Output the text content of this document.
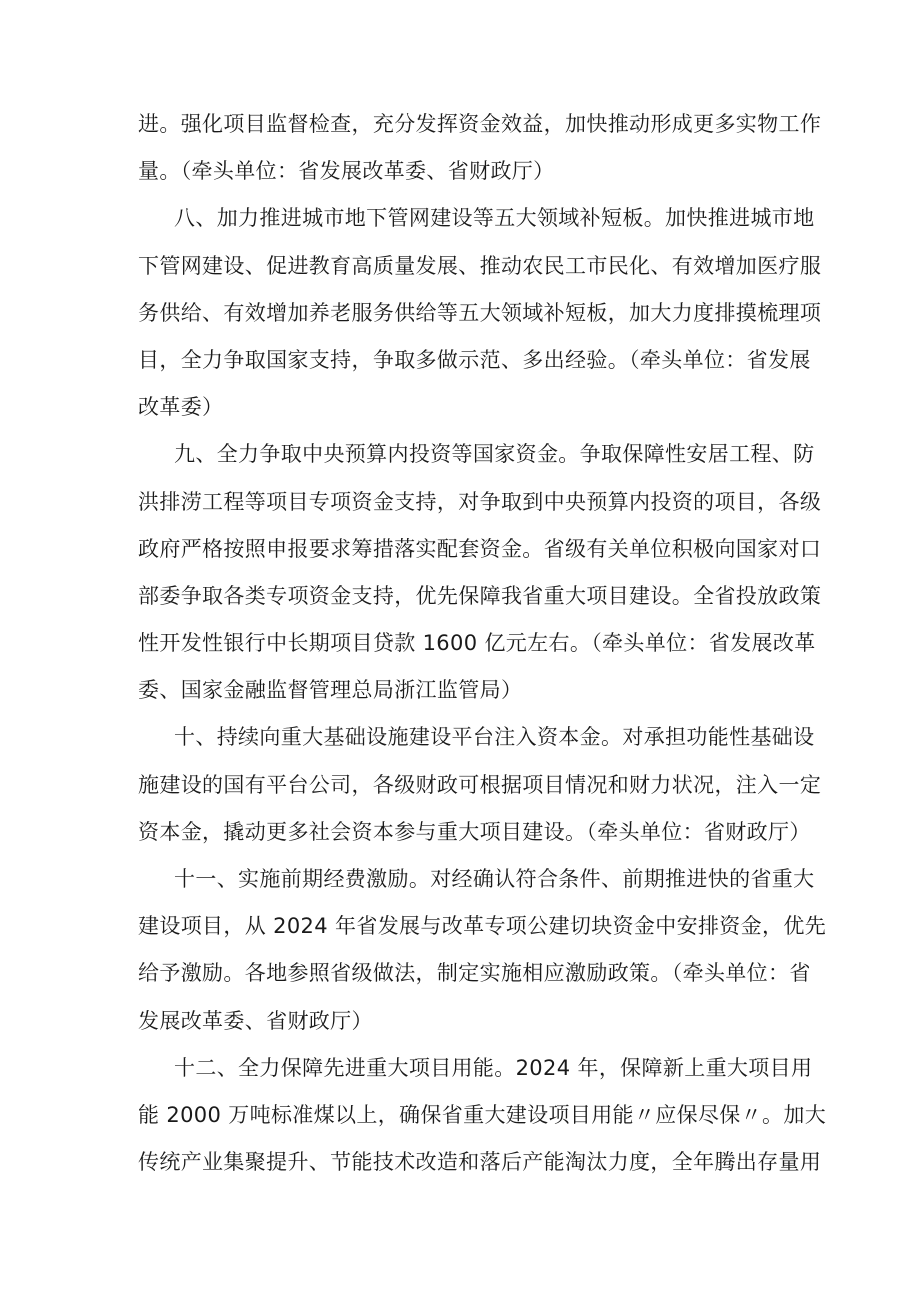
进。强化项目监督检查，充分发挥资金效益，加快推动形成更多实物工作
量。（牵头单位：省发展改革委、省财政厅）
八、加力推进城市地下管网建设等五大领域补短板。加快推进城市地
下管网建设、促进教育高质量发展、推动农民工市民化、有效增加医疗服
务供给、有效增加养老服务供给等五大领域补短板，加大力度排摸梳理项
目，全力争取国家支持，争取多做示范、多出经验。（牵头单位：省发展
改革委）
九、全力争取中央预算内投资等国家资金。争取保障性安居工程、防
洪排涝工程等项目专项资金支持，对争取到中央预算内投资的项目，各级
政府严格按照申报要求筹措落实配套资金。省级有关单位积极向国家对口
部委争取各类专项资金支持，优先保障我省重大项目建设。全省投放政策
性开发性银行中长期项目贷款 1600 亿元左右。（牵头单位：省发展改革
委、国家金融监督管理总局浙江监管局）
十、持续向重大基础设施建设平台注入资本金。对承担功能性基础设
施建设的国有平台公司，各级财政可根据项目情况和财力状况，注入一定
资本金，撬动更多社会资本参与重大项目建设。（牵头单位：省财政厅）
十一、实施前期经费激励。对经确认符合条件、前期推进快的省重大
建设项目，从 2024 年省发展与改革专项公建切块资金中安排资金，优先
给予激励。各地参照省级做法，制定实施相应激励政策。（牵头单位：省
发展改革委、省财政厅）
十二、全力保障先进重大项目用能。2024 年，保障新上重大项目用
能 2000 万吨标准煤以上，确保省重大建设项目用能〃应保尽保〃。加大
传统产业集聚提升、节能技术改造和落后产能淘汰力度，全年腾出存量用
